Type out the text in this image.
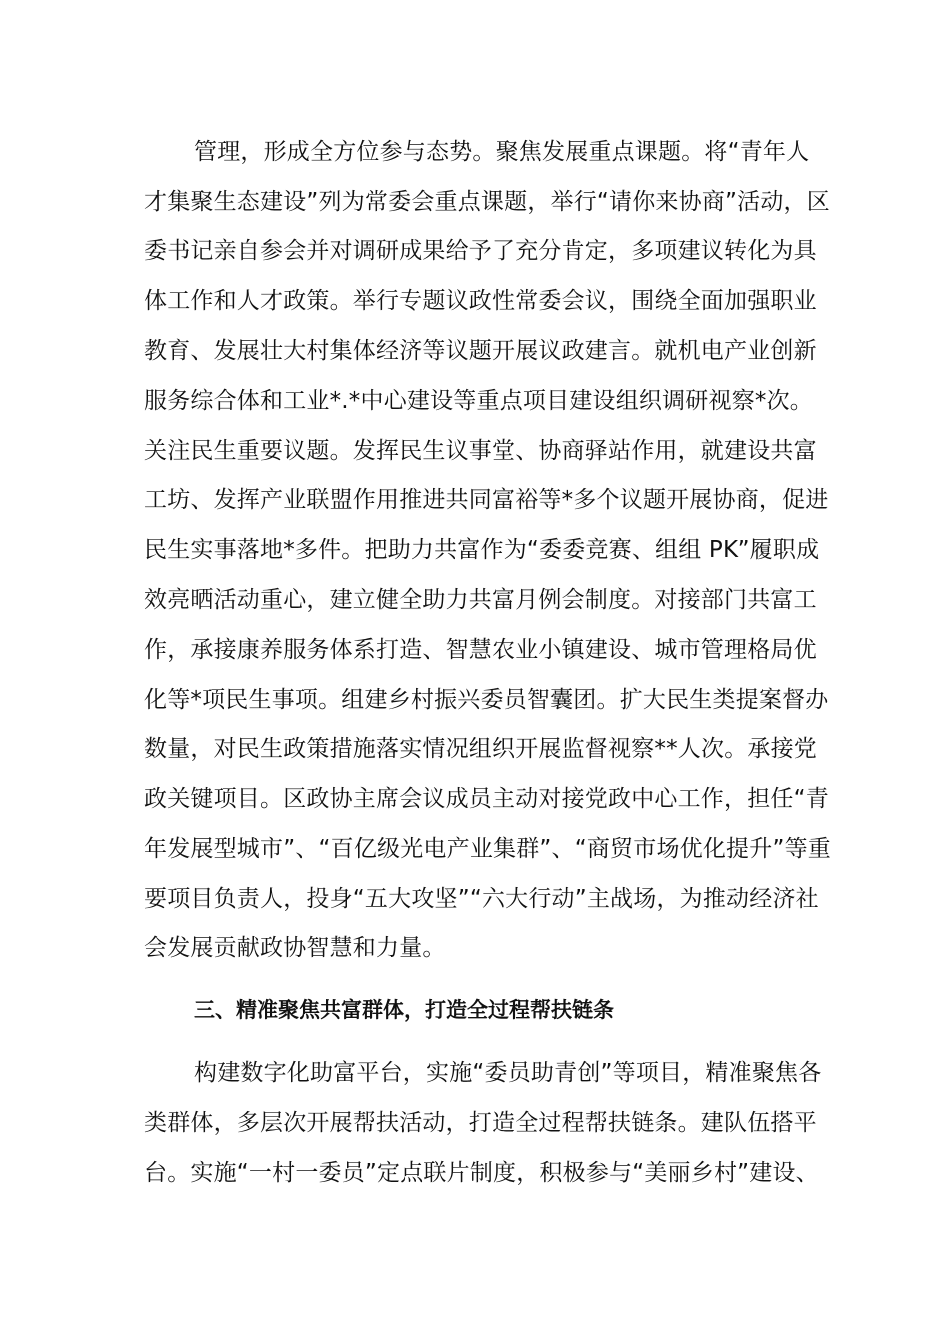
管理，形成全方位参与态势。聚焦发展重点课题。将“青年人
才集聚生态建设”列为常委会重点课题，举行“请你来协商”活动，区
委书记亲自参会并对调研成果给予了充分肯定，多项建议转化为具
体工作和人才政策。举行专题议政性常委会议，围绕全面加强职业
教育、发展壮大村集体经济等议题开展议政建言。就机电产业创新
服务综合体和工业*.*中心建设等重点项目建设组织调研视察*次。
关注民生重要议题。发挥民生议事堂、协商驿站作用，就建设共富
工坊、发挥产业联盟作用推进共同富裕等*多个议题开展协商，促进
民生实事落地*多件。把助力共富作为“委委竞赛、组组 PK”履职成
效亮晒活动重心，建立健全助力共富月例会制度。对接部门共富工
作，承接康养服务体系打造、智慧农业小镇建设、城市管理格局优
化等*项民生事项。组建乡村振兴委员智囊团。扩大民生类提案督办
数量，对民生政策措施落实情况组织开展监督视察**人次。承接党
政关键项目。区政协主席会议成员主动对接党政中心工作，担任“青
年发展型城市”、“百亿级光电产业集群”、“商贸市场优化提升”等重
要项目负责人，投身“五大攻坚”“六大行动”主战场，为推动经济社
会发展贡献政协智慧和力量。
三、精准聚焦共富群体，打造全过程帮扶链条
构建数字化助富平台，实施“委员助青创”等项目，精准聚焦各
类群体，多层次开展帮扶活动，打造全过程帮扶链条。建队伍搭平
台。实施“一村一委员”定点联片制度，积极参与“美丽乡村”建设、
